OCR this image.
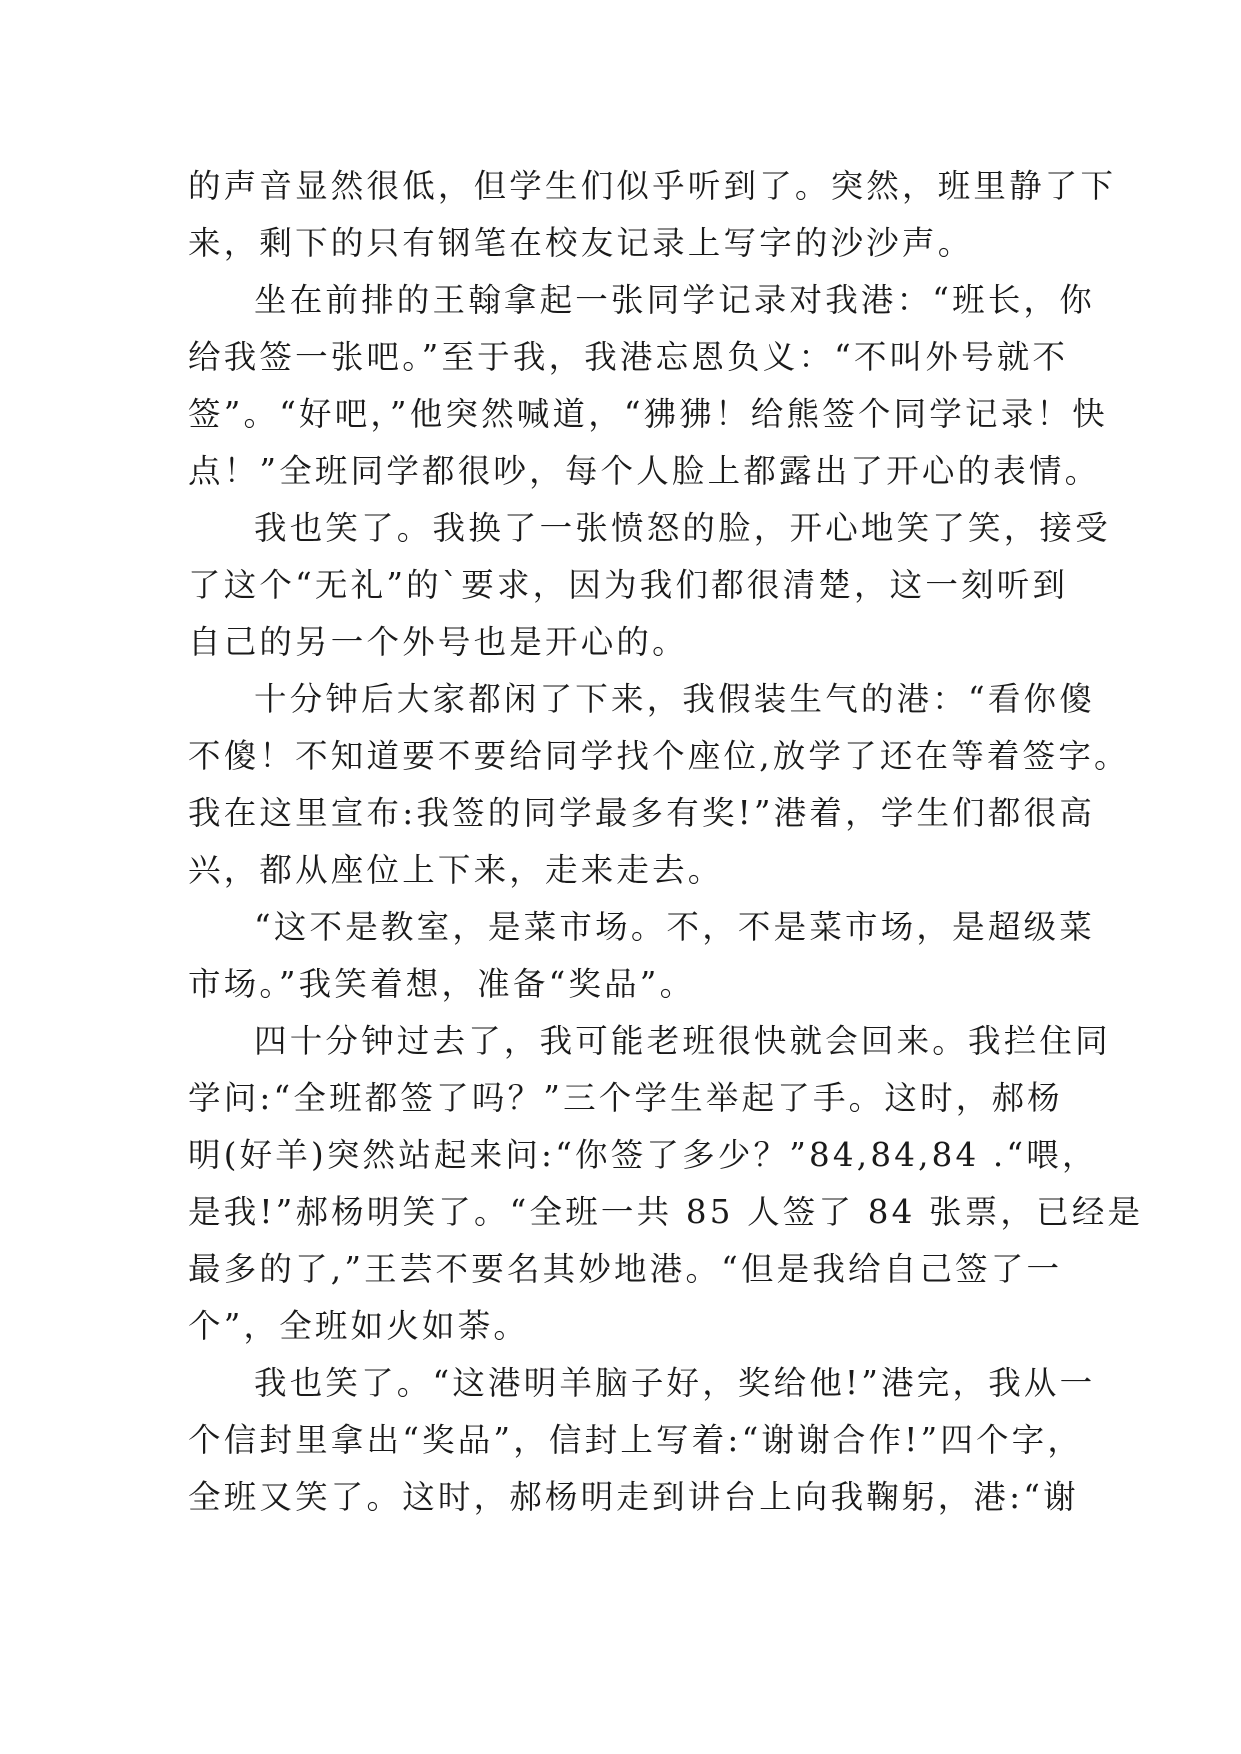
的声音显然很低，但学生们似乎听到了。突然，班里静了下
来，剩下的只有钢笔在校友记录上写字的沙沙声。
坐在前排的王翰拿起一张同学记录对我港：“班长，你
给我签一张吧。”至于我，我港忘恩负义：“不叫外号就不
签”。“好吧，”他突然喊道，“狒狒！给熊签个同学记录！快
点！”全班同学都很吵，每个人脸上都露出了开心的表情。
我也笑了。我换了一张愤怒的脸，开心地笑了笑，接受
了这个“无礼”的`要求，因为我们都很清楚，这一刻听到
自己的另一个外号也是开心的。
十分钟后大家都闲了下来，我假装生气的港：“看你傻
不傻！不知道要不要给同学找个座位,放学了还在等着签字。
我在这里宣布:我签的同学最多有奖!”港着，学生们都很高
兴，都从座位上下来，走来走去。
“这不是教室，是菜市场。不，不是菜市场，是超级菜
市场。”我笑着想，准备“奖品”。
四十分钟过去了，我可能老班很快就会回来。我拦住同
学问:“全班都签了吗？”三个学生举起了手。这时，郝杨
明(好羊)突然站起来问:“你签了多少？”84,84,84 .“喂，
是我!”郝杨明笑了。“全班一共 85 人签了 84 张票，已经是
最多的了,”王芸不要名其妙地港。“但是我给自己签了一
个”，全班如火如荼。
我也笑了。“这港明羊脑子好，奖给他!”港完，我从一
个信封里拿出“奖品”，信封上写着:“谢谢合作!”四个字，
全班又笑了。这时，郝杨明走到讲台上向我鞠躬，港:“谢
